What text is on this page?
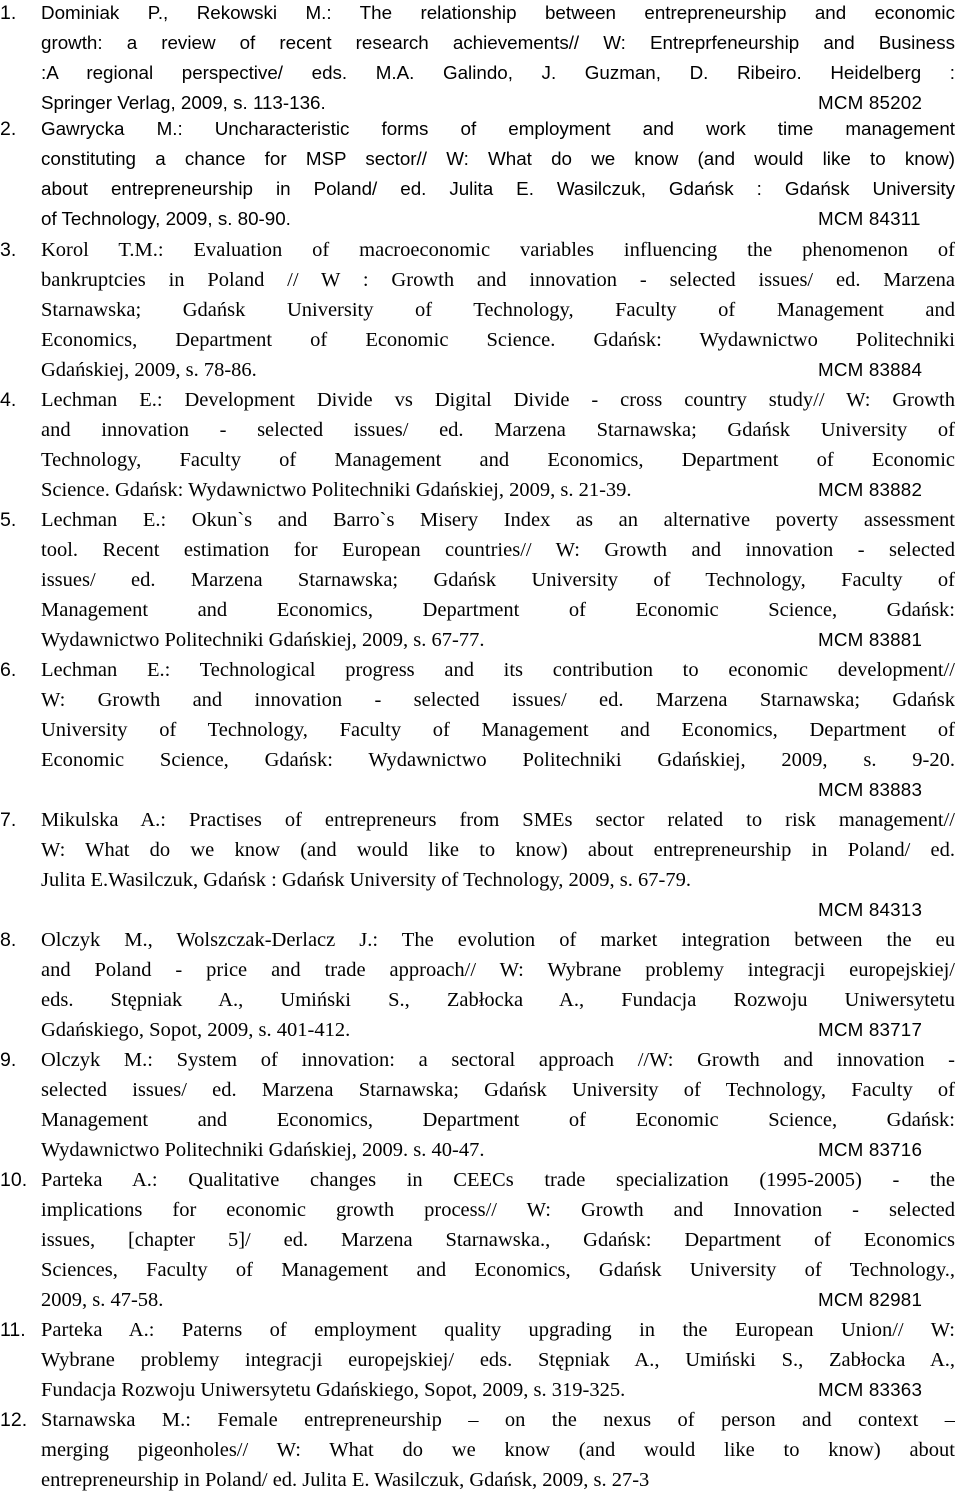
1.	Dominiak P., Rekowski M.: The relationship between entrepreneurship and economic
growth: a review of recent research achievements// W: Entreprfeneurship and Business
:A regional perspective/ eds. M.A. Galindo, J. Guzman, D. Ribeiro. Heidelberg :
Springer Verlag, 2009, s. 113-136.	MCM 85202
2.	Gawrycka M.: Uncharacteristic forms of employment and work time management
constituting a chance for MSP sector// W: What do we know (and would like to know)
about entrepreneurship in Poland/ ed. Julita E. Wasilczuk, Gdańsk : Gdańsk University
of Technology, 2009, s. 80-90.	MCM 84311
3.	Korol T.M.: Evaluation of macroeconomic variables influencing the phenomenon of
bankruptcies in Poland // W : Growth and innovation - selected issues/ ed. Marzena
Starnawska; Gdańsk University of Technology, Faculty of Management and
Economics, Department of Economic Science. Gdańsk: Wydawnictwo Politechniki
Gdańskiej, 2009, s. 78-86.	MCM 83884
4.	Lechman E.: Development Divide vs Digital Divide - cross country study// W: Growth
and innovation - selected issues/ ed. Marzena Starnawska; Gdańsk University of
Technology, Faculty of Management and Economics, Department of Economic
Science. Gdańsk: Wydawnictwo Politechniki Gdańskiej, 2009, s. 21-39.	MCM 83882
5.	Lechman E.: Okun`s and Barro`s Misery Index as an alternative poverty assessment
tool. Recent estimation for European countries// W: Growth and innovation - selected
issues/ ed. Marzena Starnawska; Gdańsk University of Technology, Faculty of
Management and Economics, Department of Economic Science, Gdańsk:
Wydawnictwo Politechniki Gdańskiej, 2009, s. 67-77.	MCM 83881
6.	Lechman E.: Technological progress and its contribution to economic development//
W: Growth and innovation - selected issues/ ed. Marzena Starnawska; Gdańsk
University of Technology, Faculty of Management and Economics, Department of
Economic Science, Gdańsk: Wydawnictwo Politechniki Gdańskiej, 2009, s. 9-20.
MCM 83883
7.	Mikulska A.: Practises of entrepreneurs from SMEs sector related to risk management//
W: What do we know (and would like to know) about entrepreneurship in Poland/ ed.
Julita E.Wasilczuk, Gdańsk : Gdańsk University of Technology, 2009, s. 67-79.
MCM 84313
8.	Olczyk M., Wolszczak-Derlacz J.: The evolution of market integration between the eu
and Poland - price and trade approach// W: Wybrane problemy integracji europejskiej/
eds. Stępniak A., Umiński S., Zabłocka A., Fundacja Rozwoju Uniwersytetu
Gdańskiego, Sopot, 2009, s. 401-412.	MCM 83717
9.	Olczyk M.: System of innovation: a sectoral approach //W: Growth and innovation -
selected issues/ ed. Marzena Starnawska; Gdańsk University of Technology, Faculty of
Management and Economics, Department of Economic Science, Gdańsk:
Wydawnictwo Politechniki Gdańskiej, 2009. s. 40-47.	MCM 83716
10. Parteka A.: Qualitative changes in CEECs trade specialization (1995-2005) - the
implications for economic growth process// W: Growth and Innovation - selected
issues, [chapter 5]/ ed. Marzena Starnawska., Gdańsk: Department of Economics
Sciences, Faculty of Management and Economics, Gdańsk University of Technology.,
2009, s. 47-58.	MCM 82981
11. Parteka A.: Paterns of employment quality upgrading in the European Union// W:
Wybrane problemy integracji europejskiej/ eds. Stępniak A., Umiński S., Zabłocka A.,
Fundacja Rozwoju Uniwersytetu Gdańskiego, Sopot, 2009, s. 319-325.	MCM 83363
12. Starnawska M.: Female entrepreneurship – on the nexus of person and context –
merging pigeonholes// W: What do we know (and would like to know) about
entrepreneurship in Poland/ ed. Julita E. Wasilczuk, Gdańsk, 2009, s. 27-3
